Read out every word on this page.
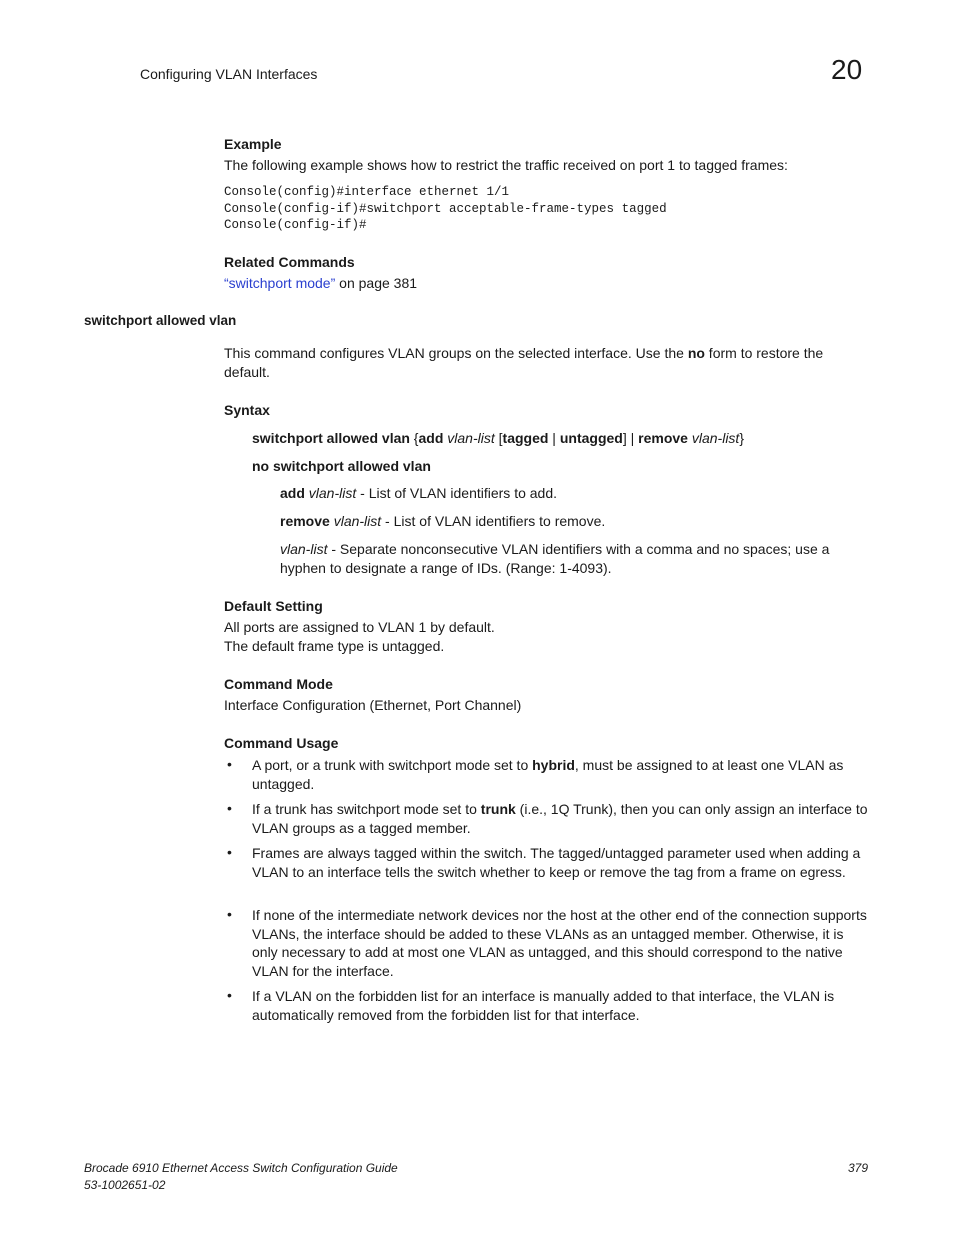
Configuring VLAN Interfaces	20
Example
The following example shows how to restrict the traffic received on port 1 to tagged frames:
Console(config)#interface ethernet 1/1
Console(config-if)#switchport acceptable-frame-types tagged
Console(config-if)#
Related Commands
“switchport mode” on page 381
switchport allowed vlan
This command configures VLAN groups on the selected interface. Use the no form to restore the
default.
Syntax
switchport allowed vlan {add vlan-list [tagged | untagged] | remove vlan-list}
no switchport allowed vlan
add vlan-list - List of VLAN identifiers to add.
remove vlan-list - List of VLAN identifiers to remove.
vlan-list - Separate nonconsecutive VLAN identifiers with a comma and no spaces; use a
hyphen to designate a range of IDs. (Range: 1-4093).
Default Setting
All ports are assigned to VLAN 1 by default.
The default frame type is untagged.
Command Mode
Interface Configuration (Ethernet, Port Channel)
Command Usage
• A port, or a trunk with switchport mode set to hybrid, must be assigned to at least one VLAN as untagged.
• If a trunk has switchport mode set to trunk (i.e., 1Q Trunk), then you can only assign an interface to VLAN groups as a tagged member.
• Frames are always tagged within the switch. The tagged/untagged parameter used when adding a VLAN to an interface tells the switch whether to keep or remove the tag from a frame on egress.
• If none of the intermediate network devices nor the host at the other end of the connection supports VLANs, the interface should be added to these VLANs as an untagged member. Otherwise, it is only necessary to add at most one VLAN as untagged, and this should correspond to the native VLAN for the interface.
• If a VLAN on the forbidden list for an interface is manually added to that interface, the VLAN is automatically removed from the forbidden list for that interface.
Brocade 6910 Ethernet Access Switch Configuration Guide
53-1002651-02
379
